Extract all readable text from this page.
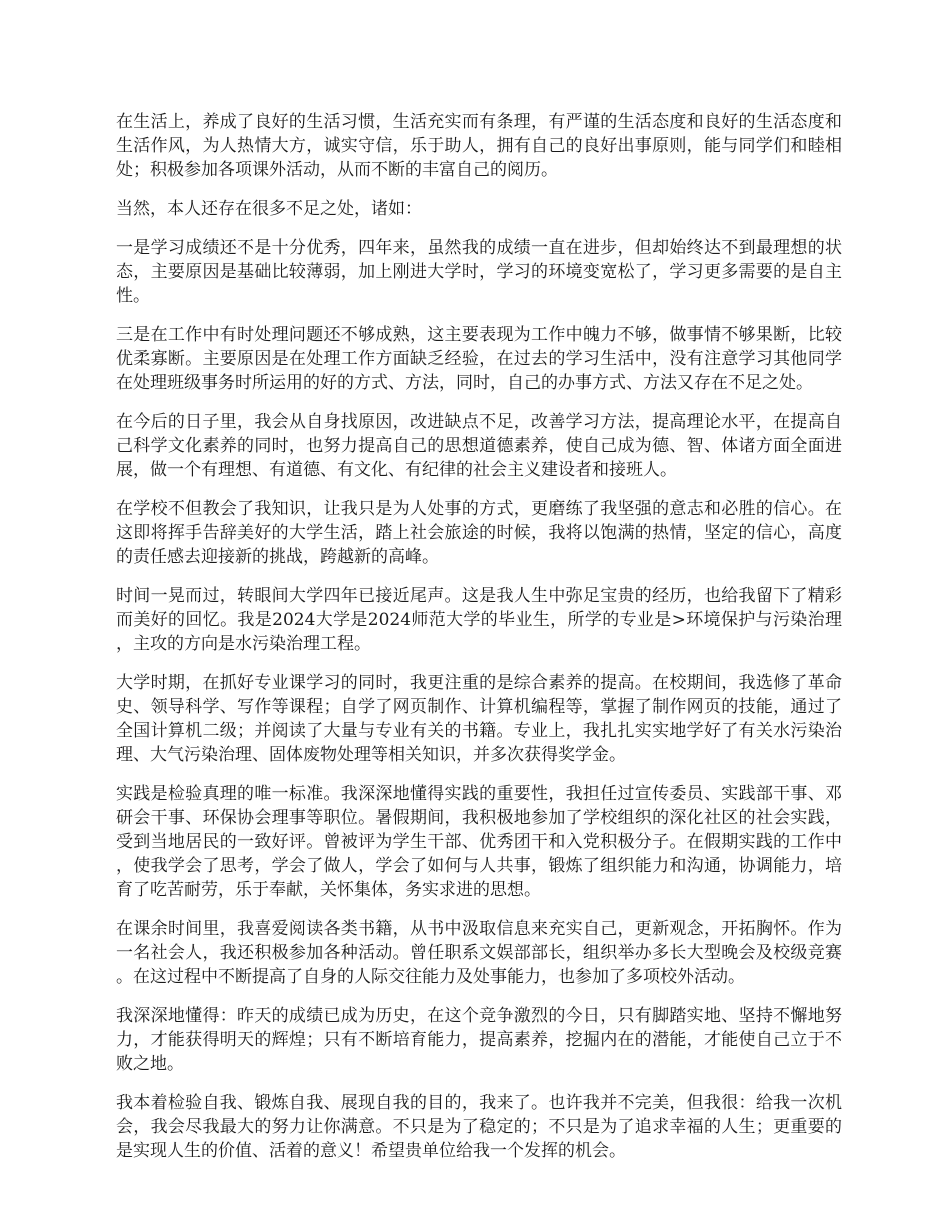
在生活上，养成了良好的生活习惯，生活充实而有条理，有严谨的生活态度和良好的生活态度和生活作风，为人热情大方，诚实守信，乐于助人，拥有自己的良好出事原则，能与同学们和睦相处；积极参加各项课外活动，从而不断的丰富自己的阅历。

当然，本人还存在很多不足之处，诸如：

一是学习成绩还不是十分优秀，四年来，虽然我的成绩一直在进步，但却始终达不到最理想的状态，主要原因是基础比较薄弱，加上刚进大学时，学习的环境变宽松了，学习更多需要的是自主性。

三是在工作中有时处理问题还不够成熟，这主要表现为工作中魄力不够，做事情不够果断，比较优柔寡断。主要原因是在处理工作方面缺乏经验，在过去的学习生活中，没有注意学习其他同学在处理班级事务时所运用的好的方式、方法，同时，自己的办事方式、方法又存在不足之处。

在今后的日子里，我会从自身找原因，改进缺点不足，改善学习方法，提高理论水平，在提高自己科学文化素养的同时，也努力提高自己的思想道德素养，使自己成为德、智、体诸方面全面进展，做一个有理想、有道德、有文化、有纪律的社会主义建设者和接班人。

在学校不但教会了我知识，让我只是为人处事的方式，更磨练了我坚强的意志和必胜的信心。在这即将挥手告辞美好的大学生活，踏上社会旅途的时候，我将以饱满的热情，坚定的信心，高度的责任感去迎接新的挑战，跨越新的高峰。

时间一晃而过，转眼间大学四年已接近尾声。这是我人生中弥足宝贵的经历，也给我留下了精彩而美好的回忆。我是2024大学是2024师范大学的毕业生，所学的专业是>环境保护与污染治理，主攻的方向是水污染治理工程。

大学时期，在抓好专业课学习的同时，我更注重的是综合素养的提高。在校期间，我选修了革命史、领导科学、写作等课程；自学了网页制作、计算机编程等，掌握了制作网页的技能，通过了全国计算机二级；并阅读了大量与专业有关的书籍。专业上，我扎扎实实地学好了有关水污染治理、大气污染治理、固体废物处理等相关知识，并多次获得奖学金。

实践是检验真理的唯一标准。我深深地懂得实践的重要性，我担任过宣传委员、实践部干事、邓研会干事、环保协会理事等职位。暑假期间，我积极地参加了学校组织的深化社区的社会实践，受到当地居民的一致好评。曾被评为学生干部、优秀团干和入党积极分子。在假期实践的工作中，使我学会了思考，学会了做人，学会了如何与人共事，锻炼了组织能力和沟通，协调能力，培育了吃苦耐劳，乐于奉献，关怀集体，务实求进的思想。

在课余时间里，我喜爱阅读各类书籍，从书中汲取信息来充实自己，更新观念，开拓胸怀。作为一名社会人，我还积极参加各种活动。曾任职系文娱部部长，组织举办多长大型晚会及校级竞赛。在这过程中不断提高了自身的人际交往能力及处事能力，也参加了多项校外活动。

我深深地懂得：昨天的成绩已成为历史，在这个竞争激烈的今日，只有脚踏实地、坚持不懈地努力，才能获得明天的辉煌；只有不断培育能力，提高素养，挖掘内在的潜能，才能使自己立于不败之地。

我本着检验自我、锻炼自我、展现自我的目的，我来了。也许我并不完美，但我很：给我一次机会，我会尽我最大的努力让你满意。不只是为了稳定的；不只是为了追求幸福的人生；更重要的是实现人生的价值、活着的意义！希望贵单位给我一个发挥的机会。
